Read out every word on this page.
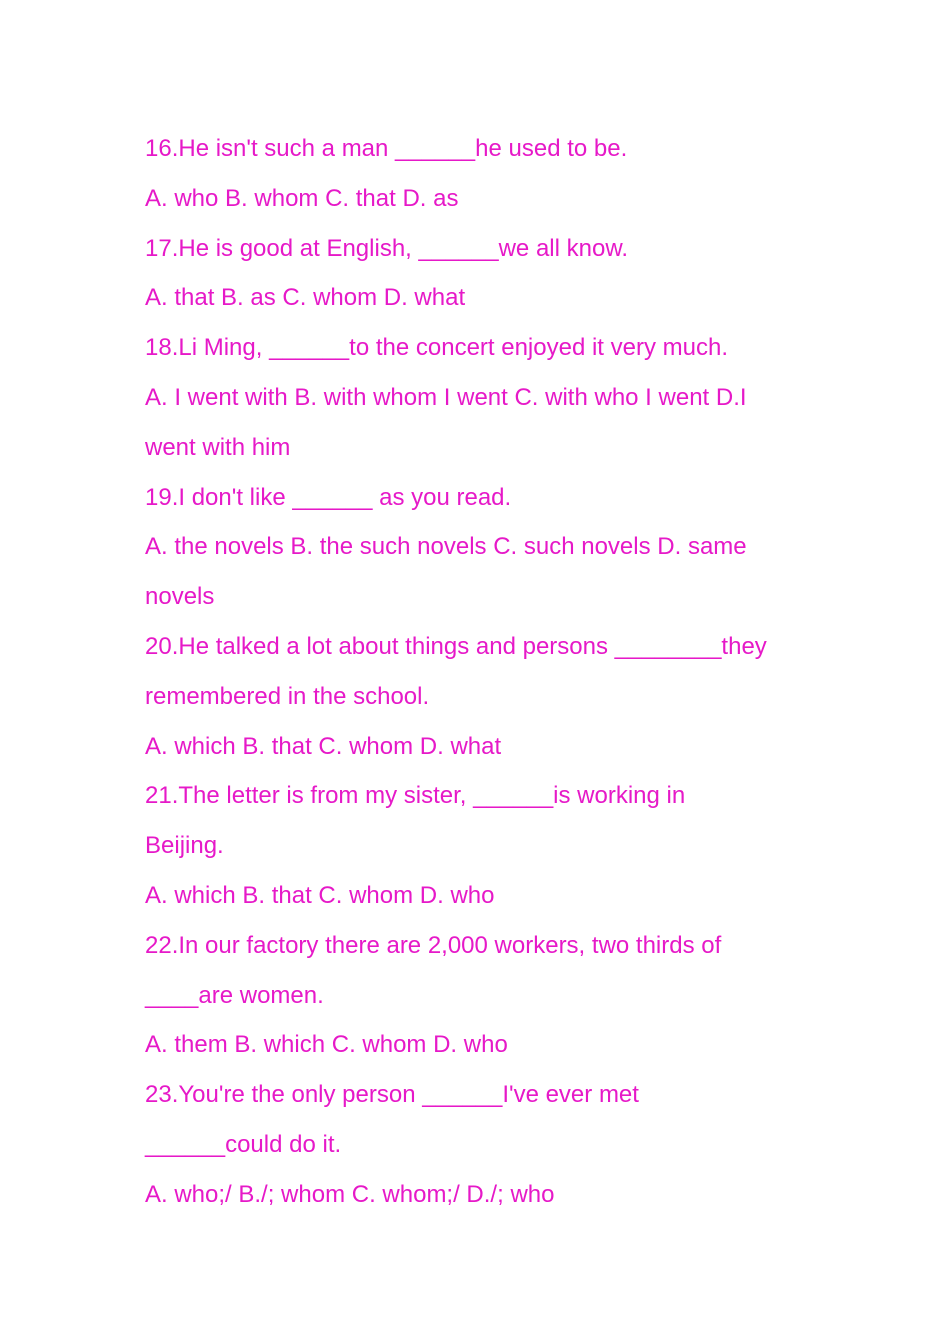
16.He isn't such a man ______he used to be.

A. who B. whom C. that D. as

17.He is good at English, ______we all know.

A. that B. as C. whom D. what

18.Li Ming, ______to the concert enjoyed it very much.

A. I went with B. with whom I went C. with who I went D.I

went with him

19.I don't like ______ as you read.

A. the novels B. the such novels C. such novels D. same

novels

20.He talked a lot about things and persons ________they

remembered in the school.

A. which B. that C. whom D. what

21.The letter is from my sister, ______is working in

Beijing.

A. which B. that C. whom D. who

22.In our factory there are 2,000 workers, two thirds of

____are women.

A. them B. which C. whom D. who

23.You're the only person ______I've ever met

______could do it.

A. who;/ B./; whom C. whom;/ D./; who
